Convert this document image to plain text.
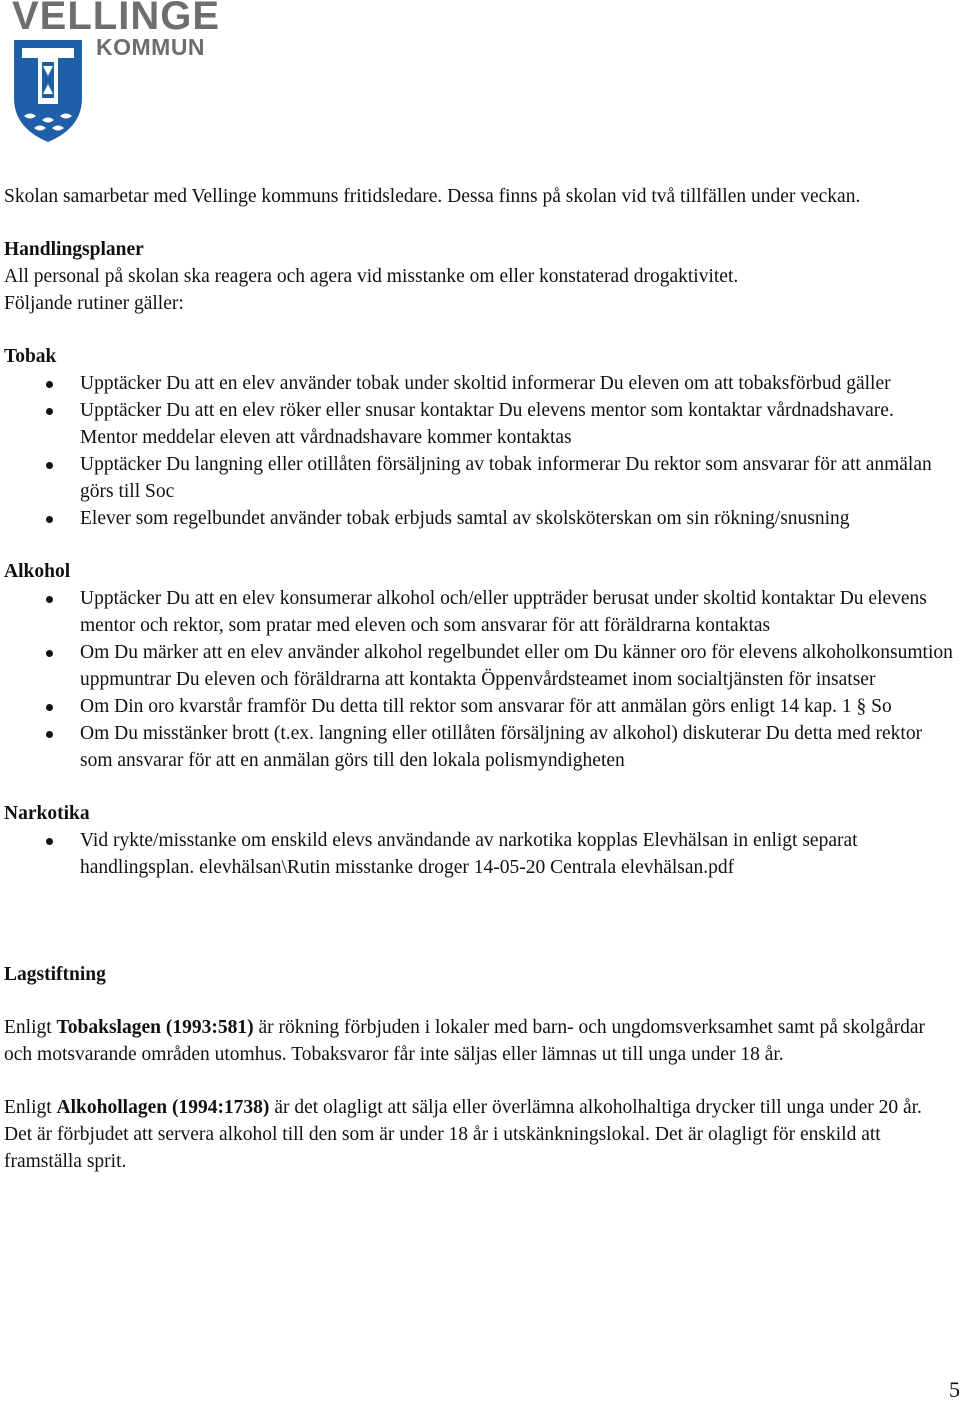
VELLINGE
KOMMUN

Skolan samarbetar med Vellinge kommuns fritidsledare. Dessa finns på skolan vid två tillfällen under veckan.

Handlingsplaner

All personal på skolan ska reagera och agera vid misstanke om eller konstaterad drogaktivitet.

Följande rutiner gäller:

Tobak

Upptäcker Du att en elev använder tobak under skoltid informerar Du eleven om att tobaksförbud gäller
Upptäcker Du att en elev röker eller snusar kontaktar Du elevens mentor som kontaktar vårdnadshavare. Mentor meddelar eleven att vårdnadshavare kommer kontaktas
Upptäcker Du langning eller otillåten försäljning av tobak informerar Du rektor som ansvarar för att anmälan görs till Soc
Elever som regelbundet använder tobak erbjuds samtal av skolsköterskan om sin rökning/snusning

Alkohol

Upptäcker Du att en elev konsumerar alkohol och/eller uppträder berusat under skoltid kontaktar Du elevens mentor och rektor, som pratar med eleven och som ansvarar för att föräldrarna kontaktas
Om Du märker att en elev använder alkohol regelbundet eller om Du känner oro för elevens alkoholkonsumtion uppmuntrar Du eleven och föräldrarna att kontakta Öppenvårdsteamet inom socialtjänsten för insatser
Om Din oro kvarstår framför Du detta till rektor som ansvarar för att anmälan görs enligt 14 kap. 1 § So
Om Du misstänker brott (t.ex. langning eller otillåten försäljning av alkohol) diskuterar Du detta med rektor som ansvarar för att en anmälan görs till den lokala polismyndigheten

Narkotika

Vid rykte/misstanke om enskild elevs användande av narkotika kopplas Elevhälsan in enligt separat handlingsplan. elevhälsan\Rutin misstanke droger 14-05-20 Centrala elevhälsan.pdf

Lagstiftning

Enligt Tobakslagen (1993:581) är rökning förbjuden i lokaler med barn- och ungdomsverksamhet samt på skolgårdar och motsvarande områden utomhus. Tobaksvaror får inte säljas eller lämnas ut till unga under 18 år.

Enligt Alkohollagen (1994:1738) är det olagligt att sälja eller överlämna alkoholhaltiga drycker till unga under 20 år. Det är förbjudet att servera alkohol till den som är under 18 år i utskänkningslokal. Det är olagligt för enskild att framställa sprit.

5
